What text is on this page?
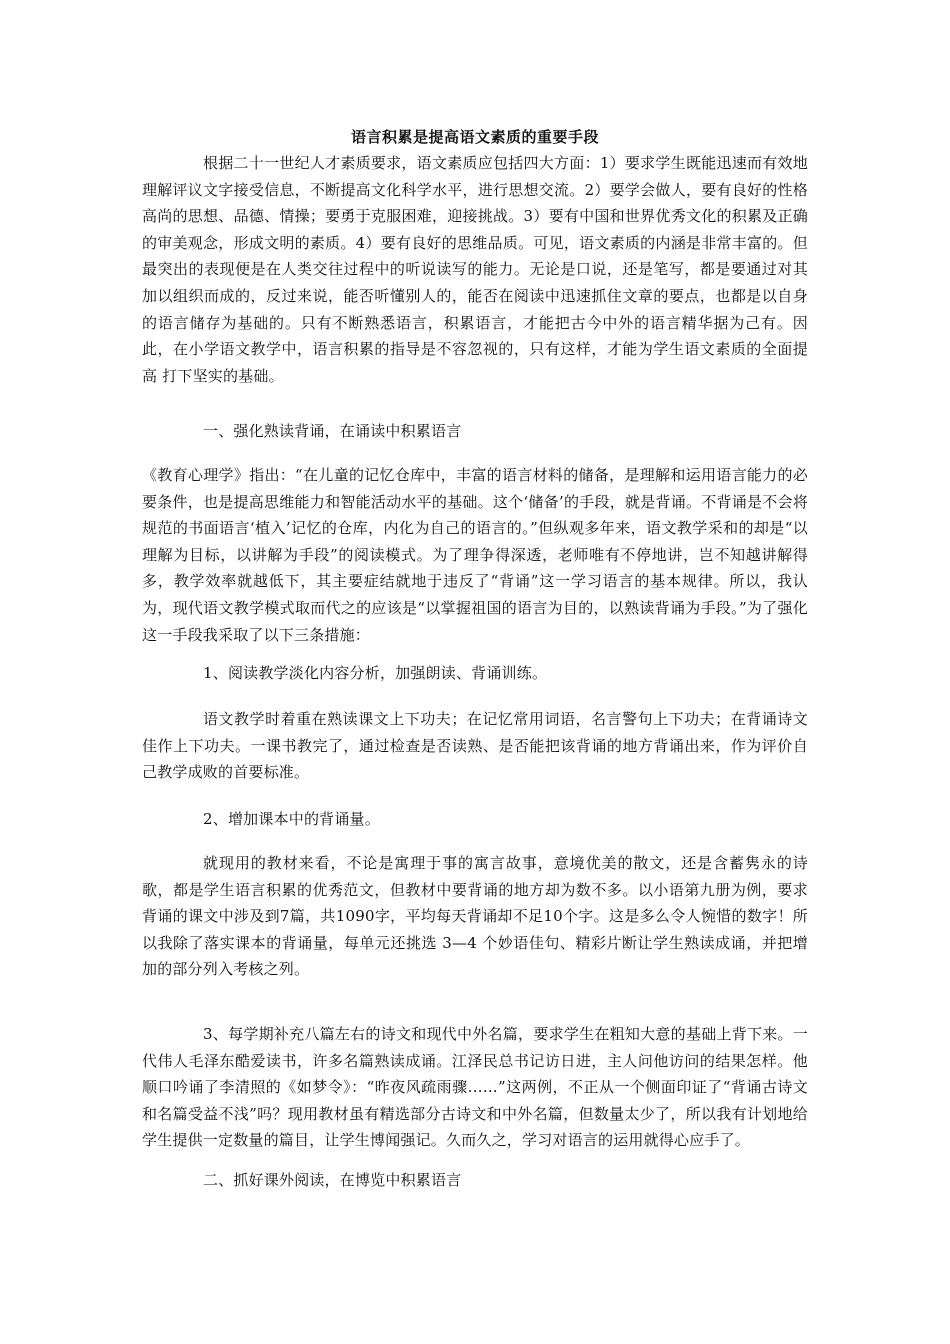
语言积累是提高语文素质的重要手段

根据二十一世纪人才素质要求，语文素质应包括四大方面：1）要求学生既能迅速而有效地理解评议文字接受信息，不断提高文化科学水平，进行思想交流。2）要学会做人，要有良好的性格高尚的思想、品德、情操；要勇于克服困难，迎接挑战。3）要有中国和世界优秀文化的积累及正确的审美观念，形成文明的素质。4）要有良好的思维品质。可见，语文素质的内涵是非常丰富的。但最突出的表现便是在人类交往过程中的听说读写的能力。无论是口说，还是笔写，都是要通过对其加以组织而成的，反过来说，能否听懂别人的，能否在阅读中迅速抓住文章的要点，也都是以自身的语言储存为基础的。只有不断熟悉语言，积累语言，才能把古今中外的语言精华据为己有。因此，在小学语文教学中，语言积累的指导是不容忽视的，只有这样，才能为学生语文素质的全面提高 打下坚实的基础。

一、强化熟读背诵，在诵读中积累语言

《教育心理学》指出：“在儿童的记忆仓库中，丰富的语言材料的储备，是理解和运用语言能力的必要条件，也是提高思维能力和智能活动水平的基础。这个‘储备’的手段，就是背诵。不背诵是不会将规范的书面语言‘植入’记忆的仓库，内化为自己的语言的。”但纵观多年来，语文教学采和的却是“以理解为目标，以讲解为手段”的阅读模式。为了理争得深透，老师唯有不停地讲，岂不知越讲解得多，教学效率就越低下，其主要症结就地于违反了“背诵”这一学习语言的基本规律。所以，我认为，现代语文教学模式取而代之的应该是“以掌握祖国的语言为目的，以熟读背诵为手段。”为了强化这一手段我采取了以下三条措施：

1、阅读教学淡化内容分析，加强朗读、背诵训练。

语文教学时着重在熟读课文上下功夫；在记忆常用词语，名言警句上下功夫；在背诵诗文佳作上下功夫。一课书教完了，通过检查是否读熟、是否能把该背诵的地方背诵出来，作为评价自己教学成败的首要标准。

2、增加课本中的背诵量。

就现用的教材来看，不论是寓理于事的寓言故事，意境优美的散文，还是含蓄隽永的诗歌，都是学生语言积累的优秀范文，但教材中要背诵的地方却为数不多。以小语第九册为例，要求背诵的课文中涉及到7篇，共1090字，平均每天背诵却不足10个字。这是多么令人惋惜的数字！所以我除了落实课本的背诵量，每单元还挑选 3—4 个妙语佳句、精彩片断让学生熟读成诵，并把增加的部分列入考核之列。

3、每学期补充八篇左右的诗文和现代中外名篇，要求学生在粗知大意的基础上背下来。一代伟人毛泽东酷爱读书，许多名篇熟读成诵。江泽民总书记访日进，主人问他访问的结果怎样。他顺口吟诵了李清照的《如梦令》：“昨夜风疏雨骤……”这两例，不正从一个侧面印证了“背诵古诗文和名篇受益不浅”吗？现用教材虽有精选部分古诗文和中外名篇，但数量太少了，所以我有计划地给学生提供一定数量的篇目，让学生博闻强记。久而久之，学习对语言的运用就得心应手了。

二、抓好课外阅读，在博览中积累语言
